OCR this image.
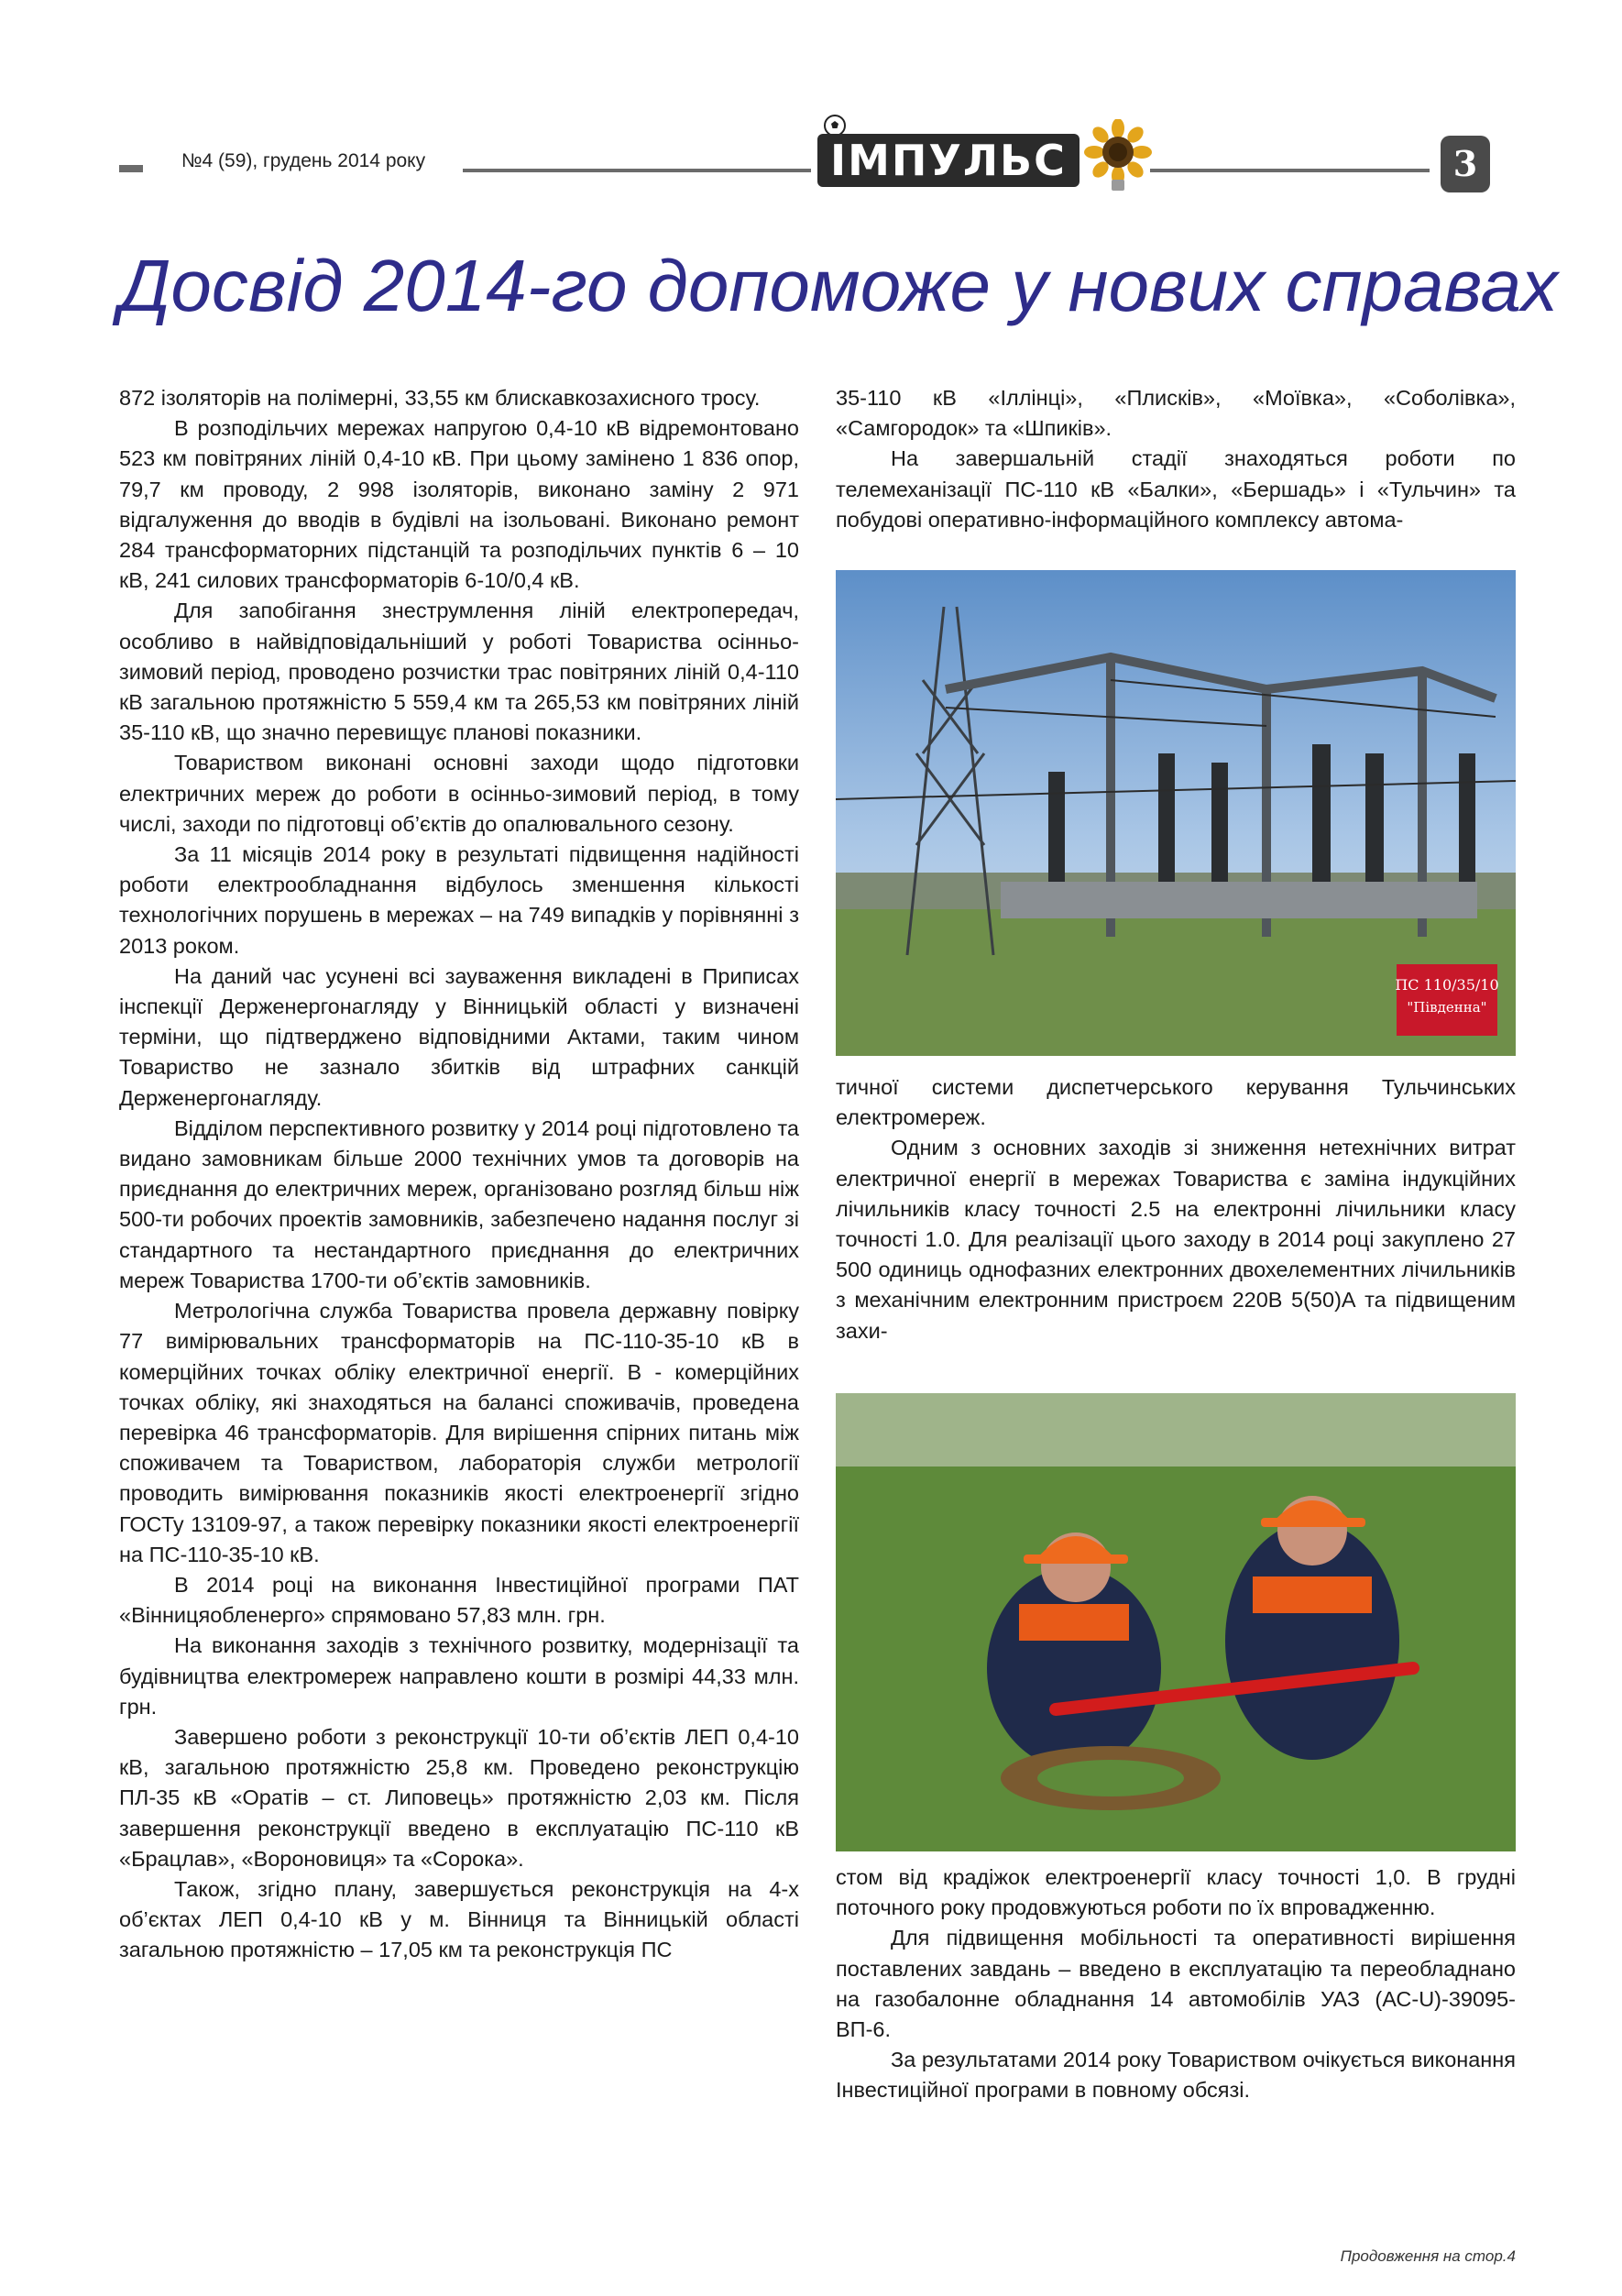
№4 (59), грудень 2014 року	ІМПУЛЬС	3
Досвід 2014-го допоможе у нових справах

872 ізоляторів на полімерні, 33,55 км блискавкозахисного тросу.

В розподільчих мережах напругою 0,4-10 кВ відремонтовано 523 км повітряних ліній 0,4-10 кВ. При цьому замінено 1 836 опор, 79,7 км проводу, 2 998 ізоляторів, виконано заміну 2 971 відгалуження до вводів в будівлі на ізольовані. Виконано ремонт 284 трансформаторних підстанцій та розподільчих пунктів 6 – 10 кВ, 241 силових трансформаторів 6-10/0,4 кВ.

Для запобігання знеструмлення ліній електропередач, особливо в найвідповідальніший у роботі Товариства осінньо-зимовий період, проводено розчистки трас повітряних ліній 0,4-110 кВ загальною протяжністю 5 559,4 км та 265,53 км повітряних ліній 35-110 кВ, що значно перевищує планові показники.

Товариством виконані основні заходи щодо підготовки електричних мереж до роботи в осінньо-зимовий період, в тому числі, заходи по підготовці об’єктів до опалювального сезону.

За 11 місяців 2014 року в результаті підвищення надійності роботи електрообладнання відбулось зменшення кількості технологічних порушень в мережах – на 749 випадків у порівнянні з 2013 роком.

На даний час усунені всі зауваження викладені в Приписах інспекції Держенергонагляду у Вінницькій області у визначені терміни, що підтверджено відповідними Актами, таким чином Товариство не зазнало збитків від штрафних санкцій Держенергонагляду.

Відділом перспективного розвитку у 2014 році підготовлено та видано замовникам більше 2000 технічних умов та договорів на приєднання до електричних мереж, організовано розгляд більш ніж 500-ти робочих проектів замовників, забезпечено надання послуг зі стандартного та нестандартного приєднання до електричних мереж Товариства 1700-ти об’єктів замовників.

Метрологічна служба Товариства провела державну повірку 77 вимірювальних трансформаторів на ПС-110-35-10 кВ в комерційних точках обліку електричної енергії. В - комерційних точках обліку, які знаходяться на балансі споживачів, проведена перевірка 46 трансформаторів. Для вирішення спірних питань між споживачем та Товариством, лабораторія служби метрології проводить вимірювання показників якості електроенергії згідно ГОСТу 13109-97, а також перевірку показники якості електроенергії на ПС-110-35-10 кВ.

В 2014 році на виконання Інвестиційної програми ПАТ «Вінницяобленерго» спрямовано 57,83 млн. грн.

На виконання заходів з технічного розвитку, модернізації та будівництва електромереж направлено кошти в розмірі 44,33 млн. грн.

Завершено роботи з реконструкції 10-ти об’єктів ЛЕП 0,4-10 кВ, загальною протяжністю 25,8 км. Проведено реконструкцію ПЛ-35 кВ «Оратів – ст. Липовець» протяжністю 2,03 км. Після завершення реконструкції введено в експлуатацію ПС-110 кВ «Брацлав», «Вороновиця» та «Сорока».

Також, згідно плану, завершується реконструкція на 4-х об’єктах ЛЕП 0,4-10 кВ у м. Вінниця та Вінницькій області загальною протяжністю – 17,05 км та реконструкція ПС

35-110 кВ «Іллінці», «Плисків», «Моївка», «Соболівка», «Самгородок» та «Шпиків».

На завершальній стадії знаходяться роботи по телемеханізації ПС-110 кВ «Балки», «Бершадь» і «Тульчин» та побудові оперативно-інформаційного комплексу автома-

ПС 110/35/10
"Південна"

тичної системи диспетчерського керування Тульчинських електромереж.

Одним з основних заходів зі зниження нетехнічних витрат електричної енергії в мережах Товариства є заміна індукційних лічильників класу точності 2.5 на електронні лічильники класу точності 1.0. Для реалізації цього заходу в 2014 році закуплено 27 500 одиниць однофазних електронних двохелементних лічильників з механічним електронним пристроєм 220В 5(50)А та підвищеним захи-

стом від крадіжок електроенергії класу точності 1,0. В грудні поточного року продовжуються роботи по їх впровадженню.

Для підвищення мобільності та оперативності вирішення поставлених завдань – введено в експлуатацію та переобладнано на газобалонне обладнання 14 автомобілів УАЗ (АС-U)-39095-ВП-6.

За результатами 2014 року Товариством очікується виконання Інвестиційної програми в повному обсязі.

Продовження на стор.4
